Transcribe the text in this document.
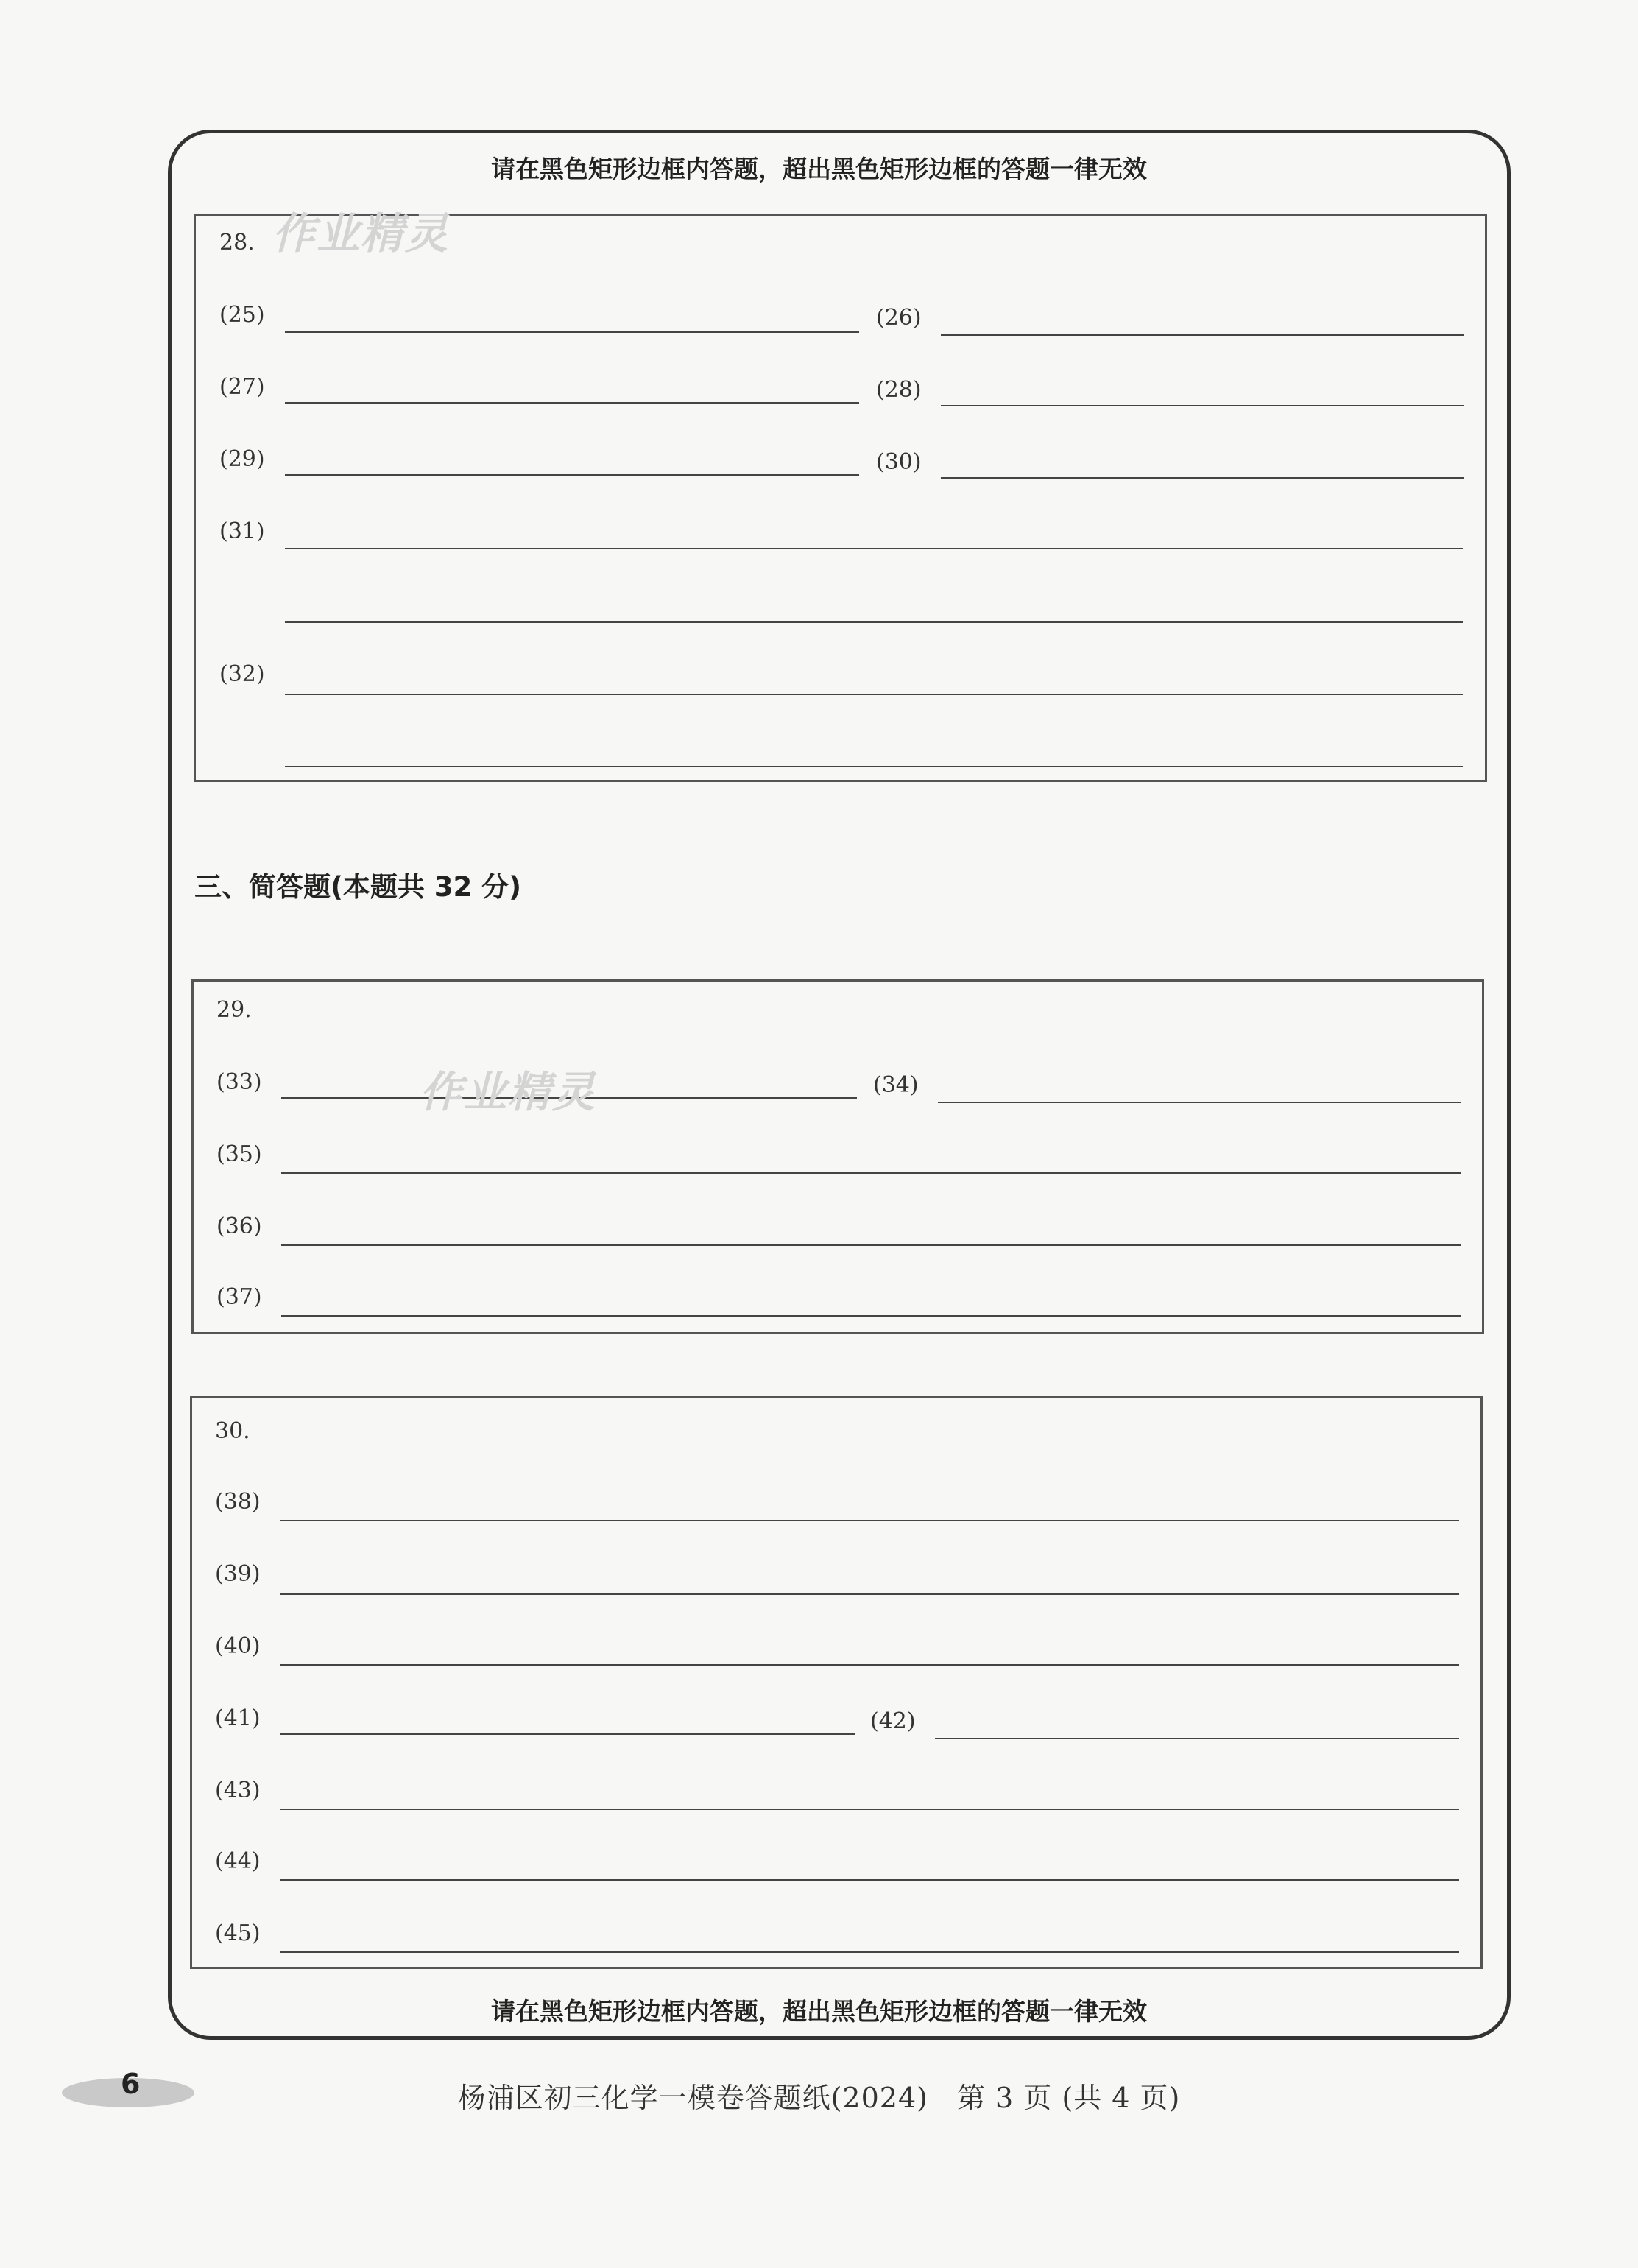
请在黑色矩形边框内答题，超出黑色矩形边框的答题一律无效
28.
(25)	(26)
(27)	(28)
(29)	(30)
(31)
(32)
作业精灵
三、简答题(本题共 32 分)
29.
(33)	(34)
(35)
(36)
(37)
作业精灵
30.
(38)
(39)
(40)
(41)	(42)
(43)
(44)
(45)
请在黑色矩形边框内答题，超出黑色矩形边框的答题一律无效
6	杨浦区初三化学一模卷答题纸(2024)　第 3 页 (共 4 页)
